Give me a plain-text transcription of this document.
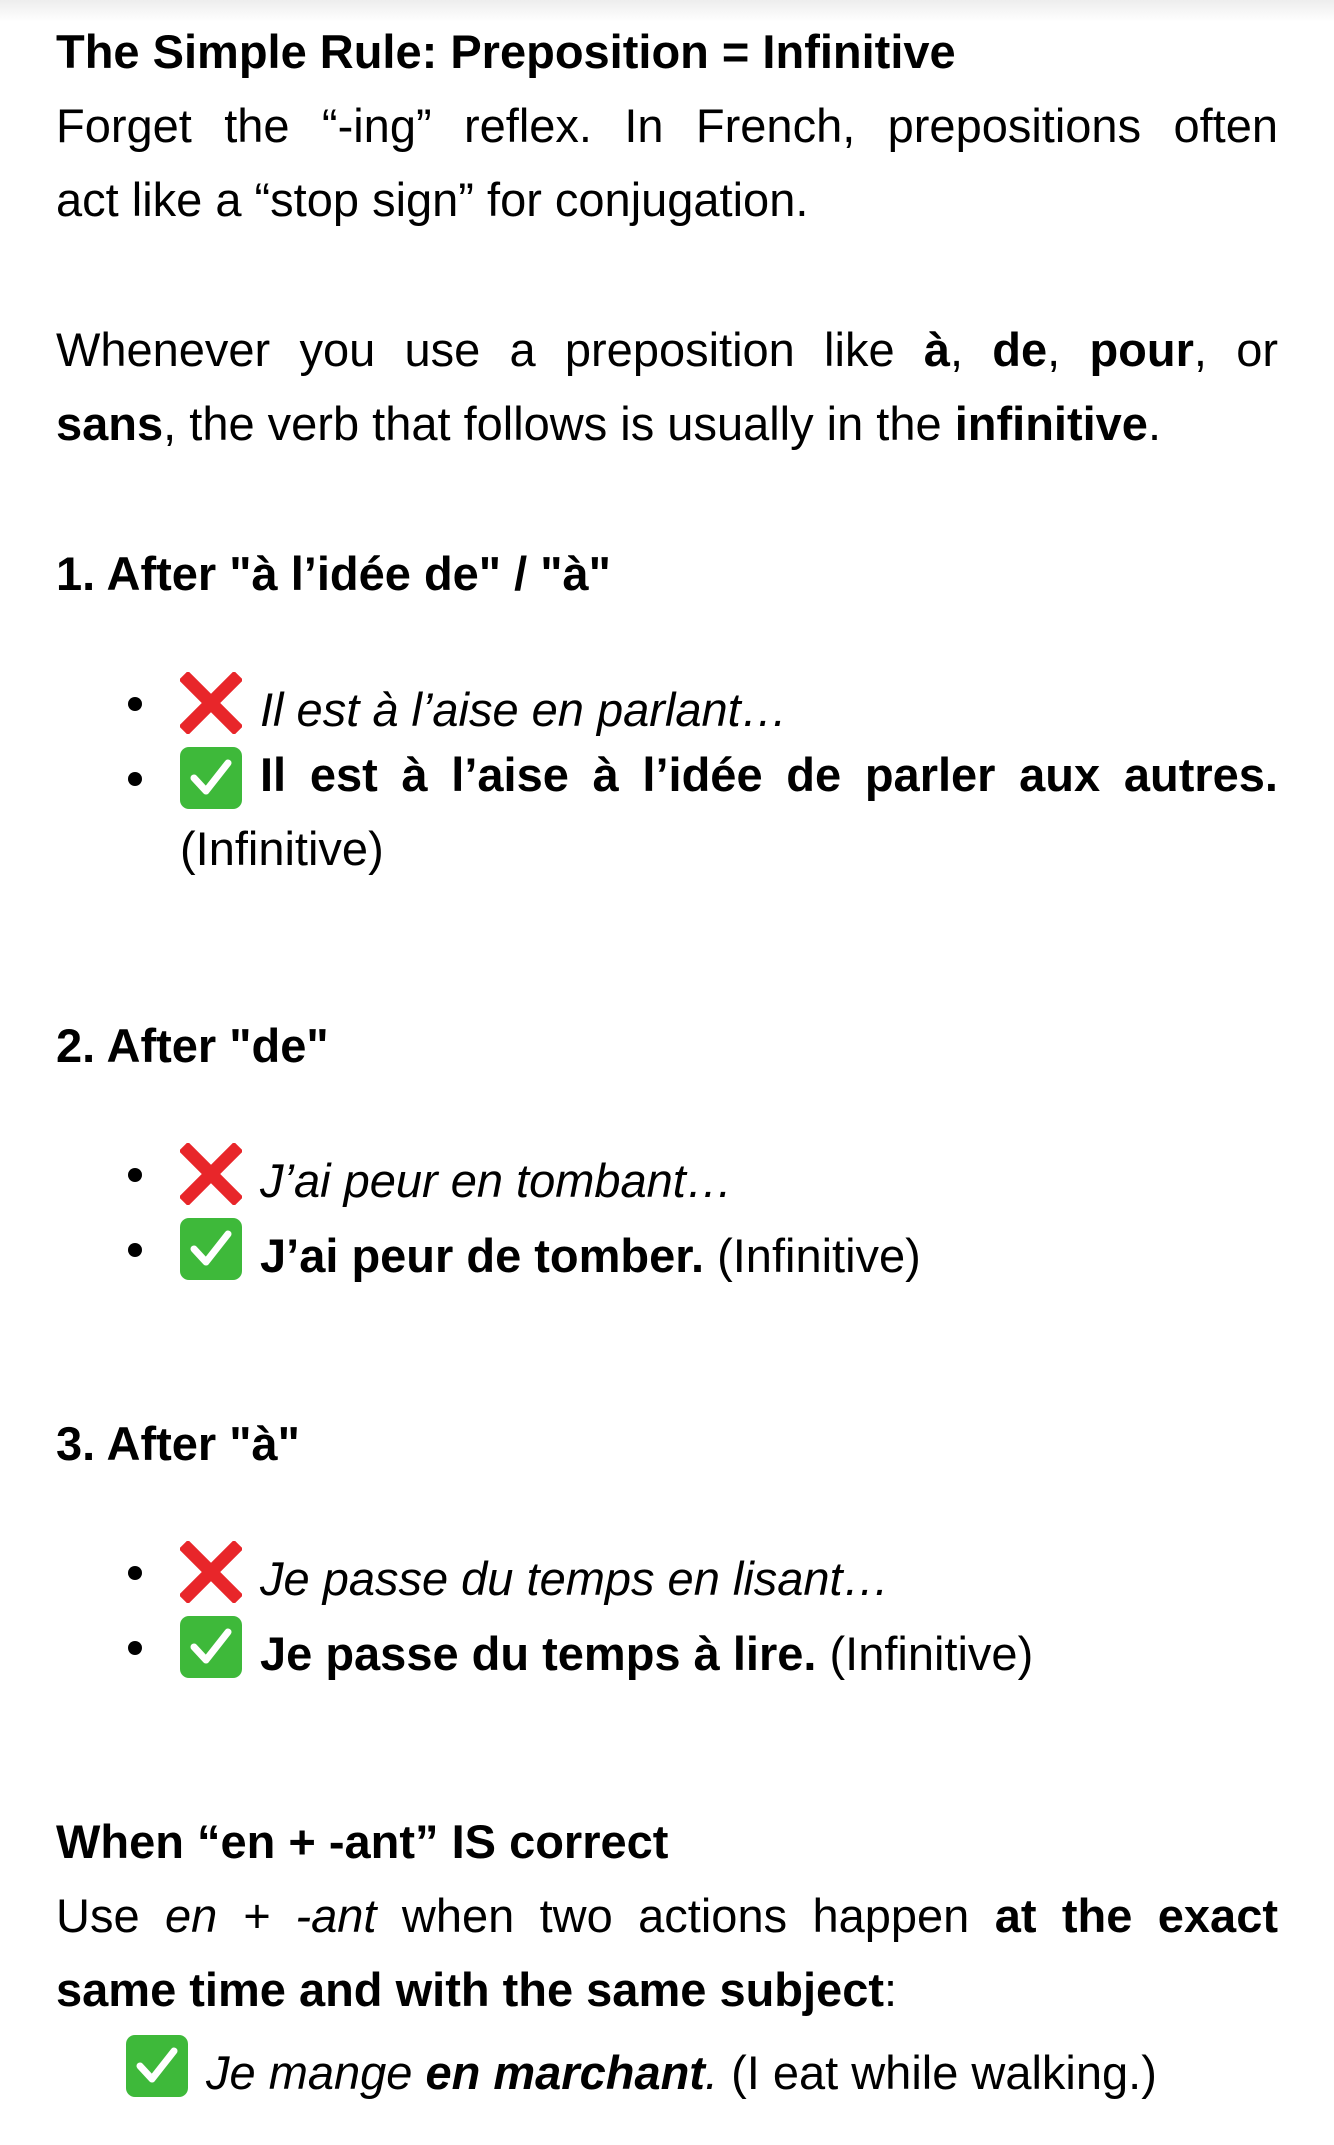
The Simple Rule: Preposition = Infinitive
Forget the “-ing” reflex. In French, prepositions often
act like a “stop sign” for conjugation.
Whenever you use a preposition like à, de, pour, or
sans, the verb that follows is usually in the infinitive.
1. After "à l’idée de" / "à"
Il est à l’aise en parlant…
Il est à l’aise à l’idée de parler aux autres.
(Infinitive)
2. After "de"
J’ai peur en tombant…
J’ai peur de tomber. (Infinitive)
3. After "à"
Je passe du temps en lisant…
Je passe du temps à lire. (Infinitive)
When “en + -ant” IS correct
Use en + -ant when two actions happen at the exact
same time and with the same subject:
Je mange en marchant. (I eat while walking.)
